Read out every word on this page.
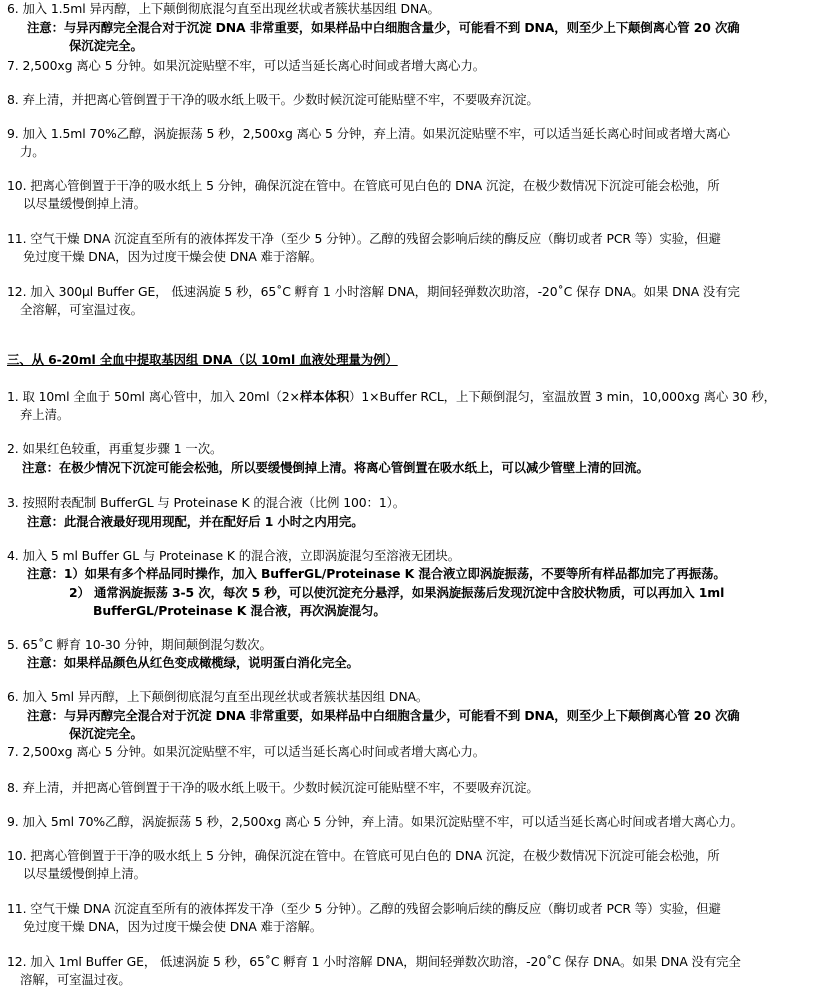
6. 加入 1.5ml 异丙醇，上下颠倒彻底混匀直至出现丝状或者簇状基因组 DNA。
注意：与异丙醇完全混合对于沉淀 DNA 非常重要，如果样品中白细胞含量少，可能看不到 DNA，则至少上下颠倒离心管 20 次确
保沉淀完全。
7. 2,500xg 离心 5 分钟。如果沉淀贴壁不牢，可以适当延长离心时间或者增大离心力。
8. 弃上清，并把离心管倒置于干净的吸水纸上吸干。少数时候沉淀可能贴壁不牢，不要吸弃沉淀。
9. 加入 1.5ml 70%乙醇，涡旋振荡 5 秒，2,500xg 离心 5 分钟，弃上清。如果沉淀贴壁不牢，可以适当延长离心时间或者增大离心
力。
10. 把离心管倒置于干净的吸水纸上 5 分钟，确保沉淀在管中。在管底可见白色的 DNA 沉淀，在极少数情况下沉淀可能会松弛，所
以尽量缓慢倒掉上清。
11. 空气干燥 DNA 沉淀直至所有的液体挥发干净（至少 5 分钟）。乙醇的残留会影响后续的酶反应（酶切或者 PCR 等）实验，但避
免过度干燥 DNA，因为过度干燥会使 DNA 难于溶解。
12. 加入 300μl Buffer GE， 低速涡旋 5 秒，65˚C 孵育 1 小时溶解 DNA，期间轻弹数次助溶，-20˚C 保存 DNA。如果 DNA 没有完
全溶解，可室温过夜。
三、从 6-20ml 全血中提取基因组 DNA（以 10ml 血液处理量为例）
1. 取 10ml 全血于 50ml 离心管中，加入 20ml（2×样本体积）1×Buffer RCL，上下颠倒混匀，室温放置 3 min，10,000xg 离心 30 秒，
弃上清。
2. 如果红色较重，再重复步骤 1 一次。
注意：在极少情况下沉淀可能会松弛，所以要缓慢倒掉上清。将离心管倒置在吸水纸上，可以减少管壁上清的回流。
3. 按照附表配制 BufferGL 与 Proteinase K 的混合液（比例 100：1）。
注意：此混合液最好现用现配，并在配好后 1 小时之内用完。
4. 加入 5 ml Buffer GL 与 Proteinase K 的混合液，立即涡旋混匀至溶液无团块。
注意：1）如果有多个样品同时操作，加入 BufferGL/Proteinase K 混合液立即涡旋振荡，不要等所有样品都加完了再振荡。
2） 通常涡旋振荡 3-5 次，每次 5 秒，可以使沉淀充分悬浮，如果涡旋振荡后发现沉淀中含胶状物质，可以再加入 1ml
BufferGL/Proteinase K 混合液，再次涡旋混匀。
5. 65˚C 孵育 10-30 分钟，期间颠倒混匀数次。
注意：如果样品颜色从红色变成橄榄绿，说明蛋白消化完全。
6. 加入 5ml 异丙醇，上下颠倒彻底混匀直至出现丝状或者簇状基因组 DNA。
注意：与异丙醇完全混合对于沉淀 DNA 非常重要，如果样品中白细胞含量少，可能看不到 DNA，则至少上下颠倒离心管 20 次确
保沉淀完全。
7. 2,500xg 离心 5 分钟。如果沉淀贴壁不牢，可以适当延长离心时间或者增大离心力。
8. 弃上清，并把离心管倒置于干净的吸水纸上吸干。少数时候沉淀可能贴壁不牢，不要吸弃沉淀。
9. 加入 5ml 70%乙醇，涡旋振荡 5 秒，2,500xg 离心 5 分钟，弃上清。如果沉淀贴壁不牢，可以适当延长离心时间或者增大离心力。
10. 把离心管倒置于干净的吸水纸上 5 分钟，确保沉淀在管中。在管底可见白色的 DNA 沉淀，在极少数情况下沉淀可能会松弛，所
以尽量缓慢倒掉上清。
11. 空气干燥 DNA 沉淀直至所有的液体挥发干净（至少 5 分钟）。乙醇的残留会影响后续的酶反应（酶切或者 PCR 等）实验，但避
免过度干燥 DNA，因为过度干燥会使 DNA 难于溶解。
12. 加入 1ml Buffer GE， 低速涡旋 5 秒，65˚C 孵育 1 小时溶解 DNA，期间轻弹数次助溶，-20˚C 保存 DNA。如果 DNA 没有完全
溶解，可室温过夜。
